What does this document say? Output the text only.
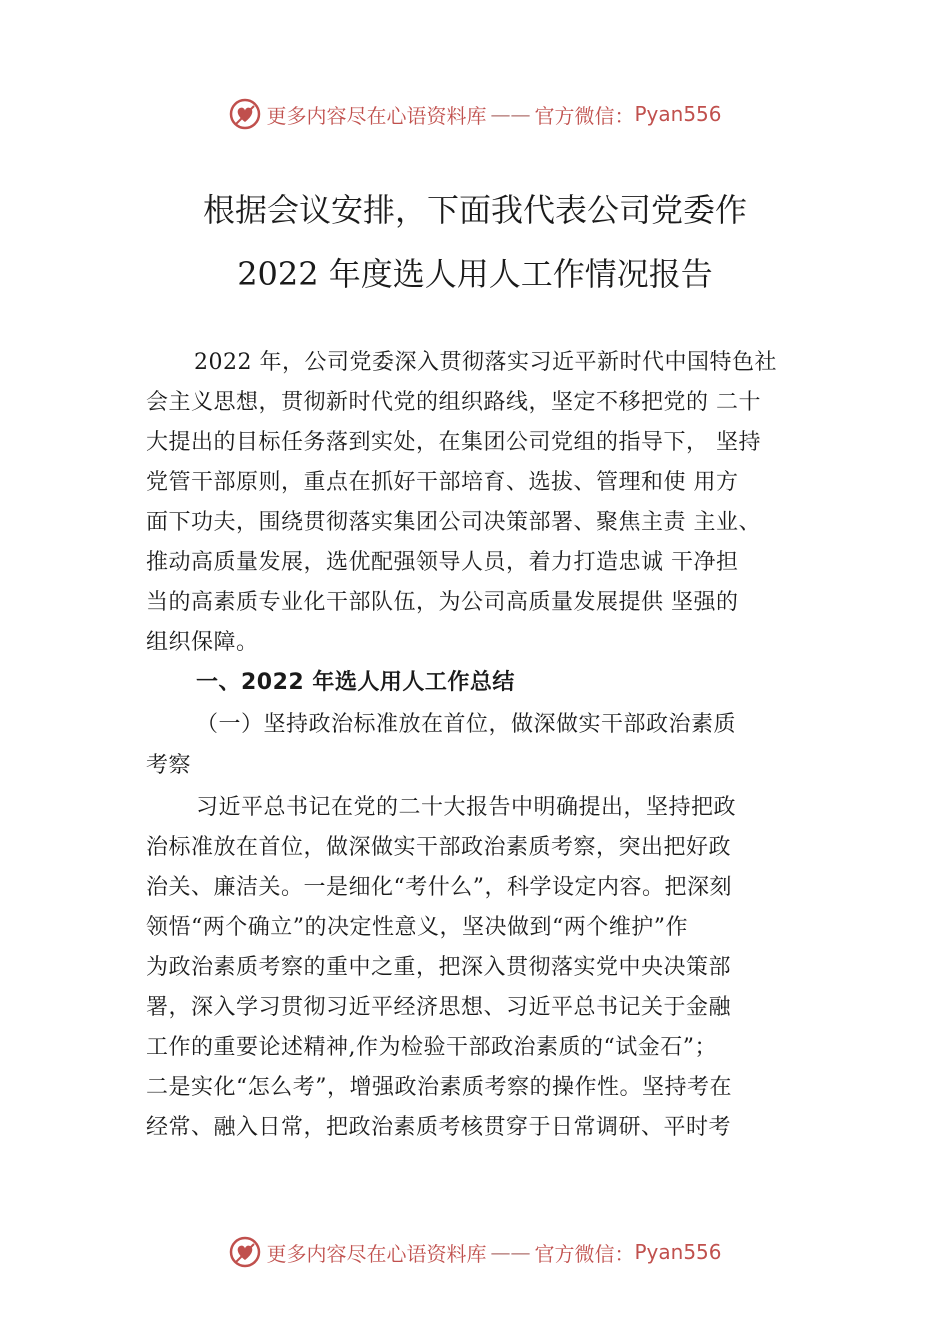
更多内容尽在心语资料库 —— 官方微信： Pyan556
根据会议安排，下面我代表公司党委作
2022 年度选人用人工作情况报告
2022 年，公司党委深入贯彻落实习近平新时代中国特色社
会主义思想，贯彻新时代党的组织路线，坚定不移把党的 二十
大提出的目标任务落到实处，在集团公司党组的指导下， 坚持
党管干部原则，重点在抓好干部培育、选拔、管理和使 用方
面下功夫，围绕贯彻落实集团公司决策部署、聚焦主责 主业、
推动高质量发展，选优配强领导人员，着力打造忠诚 干净担
当的高素质专业化干部队伍，为公司高质量发展提供 坚强的
组织保障。
一、2022 年选人用人工作总结
（一）坚持政治标准放在首位，做深做实干部政治素质
考察
习近平总书记在党的二十大报告中明确提出，坚持把政
治标准放在首位，做深做实干部政治素质考察，突出把好政
治关、廉洁关。一是细化“考什么”，科学设定内容。把深刻
领悟“两个确立”的决定性意义，坚决做到“两个维护”作
为政治素质考察的重中之重，把深入贯彻落实党中央决策部
署，深入学习贯彻习近平经济思想、习近平总书记关于金融
工作的重要论述精神,作为检验干部政治素质的“试金石”；
二是实化“怎么考”，增强政治素质考察的操作性。坚持考在
经常、融入日常，把政治素质考核贯穿于日常调研、平时考
更多内容尽在心语资料库 —— 官方微信： Pyan556
